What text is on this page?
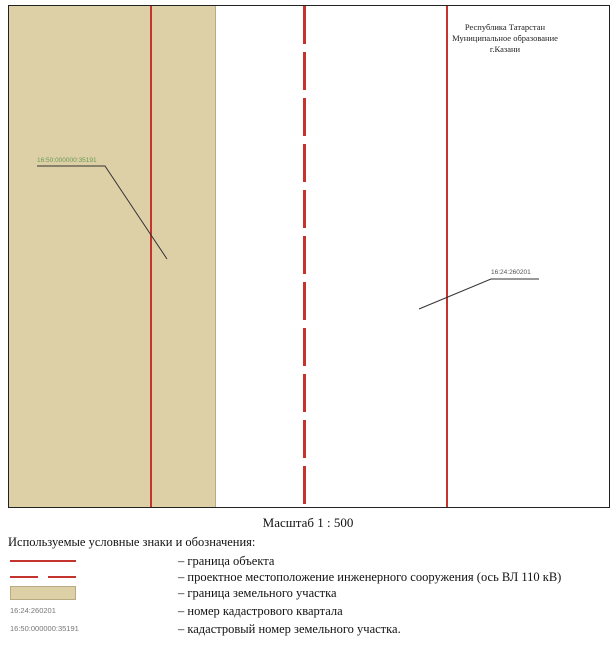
Республика Татарстан
Муниципальное образование
г.Казани
16:50:000000:35191
16:24:260201
Масштаб 1 : 500
Используемые условные знаки и обозначения:
– граница объекта
– проектное местоположение инженерного сооружения (ось ВЛ 110 кВ)
– граница земельного участка
16:24:260201	– номер кадастрового квартала
16:50:000000:35191	– кадастровый номер земельного участка.
